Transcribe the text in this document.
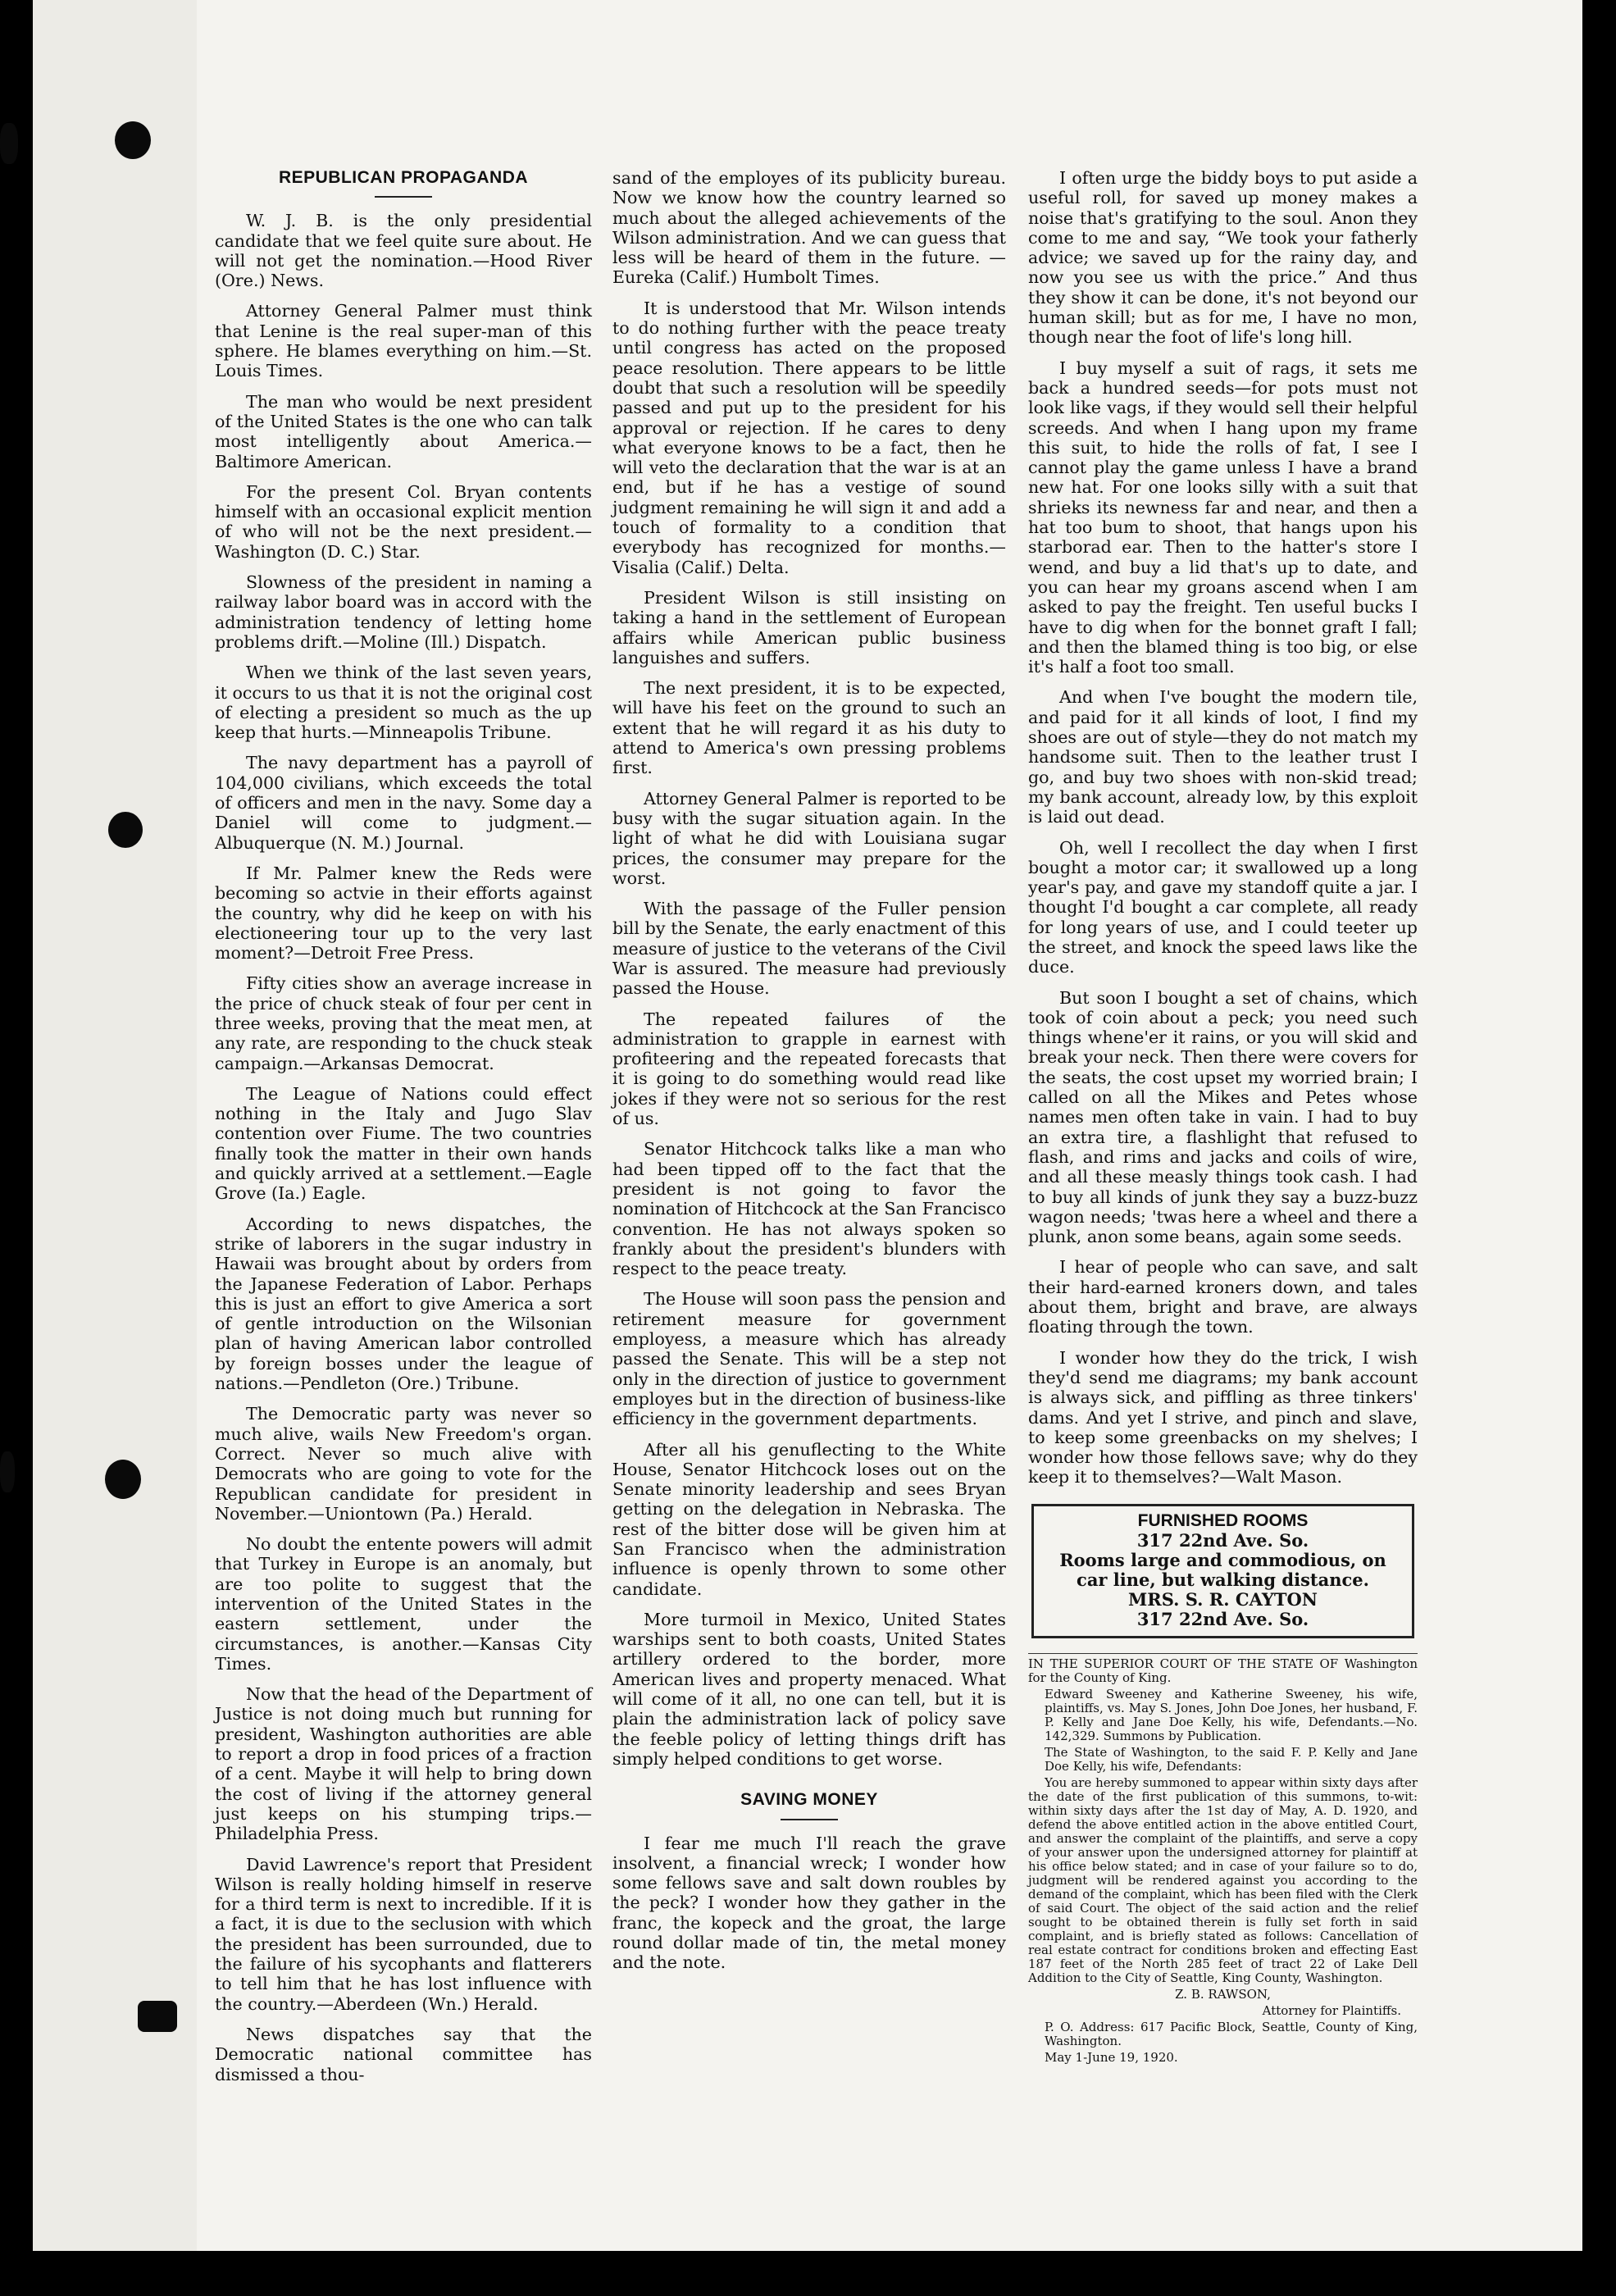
REPUBLICAN PROPAGANDA

W. J. B. is the only presidential candidate that we feel quite sure about. He will not get the nomination.—Hood River (Ore.) News.

Attorney General Palmer must think that Lenine is the real super-man of this sphere. He blames everything on him.—St. Louis Times.

The man who would be next president of the United States is the one who can talk most intelligently about America.—Baltimore American.

For the present Col. Bryan contents himself with an occasional explicit mention of who will not be the next president.—Washington (D. C.) Star.

Slowness of the president in naming a railway labor board was in accord with the administration tendency of letting home problems drift.—Moline (Ill.) Dispatch.

When we think of the last seven years, it occurs to us that it is not the original cost of electing a president so much as the up keep that hurts.—Minneapolis Tribune.

The navy department has a payroll of 104,000 civilians, which exceeds the total of officers and men in the navy. Some day a Daniel will come to judgment.—Albuquerque (N. M.) Journal.

If Mr. Palmer knew the Reds were becoming so actvie in their efforts against the country, why did he keep on with his electioneering tour up to the very last moment?—Detroit Free Press.

Fifty cities show an average increase in the price of chuck steak of four per cent in three weeks, proving that the meat men, at any rate, are responding to the chuck steak campaign.—Arkansas Democrat.

The League of Nations could effect nothing in the Italy and Jugo Slav contention over Fiume. The two countries finally took the matter in their own hands and quickly arrived at a settlement.—Eagle Grove (Ia.) Eagle.

According to news dispatches, the strike of laborers in the sugar industry in Hawaii was brought about by orders from the Japanese Federation of Labor. Perhaps this is just an effort to give America a sort of gentle introduction on the Wilsonian plan of having American labor controlled by foreign bosses under the league of nations.—Pendleton (Ore.) Tribune.

The Democratic party was never so much alive, wails New Freedom's organ. Correct. Never so much alive with Democrats who are going to vote for the Republican candidate for president in November.—Uniontown (Pa.) Herald.

No doubt the entente powers will admit that Turkey in Europe is an anomaly, but are too polite to suggest that the intervention of the United States in the eastern settlement, under the circumstances, is another.—Kansas City Times.

Now that the head of the Department of Justice is not doing much but running for president, Washington authorities are able to report a drop in food prices of a fraction of a cent. Maybe it will help to bring down the cost of living if the attorney general just keeps on his stumping trips.—Philadelphia Press.

David Lawrence's report that President Wilson is really holding himself in reserve for a third term is next to incredible. If it is a fact, it is due to the seclusion with which the president has been surrounded, due to the failure of his sycophants and flatterers to tell him that he has lost influence with the country.—Aberdeen (Wn.) Herald.

News dispatches say that the Democratic national committee has dismissed a thou-

sand of the employes of its publicity bureau. Now we know how the country learned so much about the alleged achievements of the Wilson administration. And we can guess that less will be heard of them in the future. —Eureka (Calif.) Humbolt Times.

It is understood that Mr. Wilson intends to do nothing further with the peace treaty until congress has acted on the proposed peace resolution. There appears to be little doubt that such a resolution will be speedily passed and put up to the president for his approval or rejection. If he cares to deny what everyone knows to be a fact, then he will veto the declaration that the war is at an end, but if he has a vestige of sound judgment remaining he will sign it and add a touch of formality to a condition that everybody has recognized for months.—Visalia (Calif.) Delta.

President Wilson is still insisting on taking a hand in the settlement of European affairs while American public business languishes and suffers.

The next president, it is to be expected, will have his feet on the ground to such an extent that he will regard it as his duty to attend to America's own pressing problems first.

Attorney General Palmer is reported to be busy with the sugar situation again. In the light of what he did with Louisiana sugar prices, the consumer may prepare for the worst.

With the passage of the Fuller pension bill by the Senate, the early enactment of this measure of justice to the veterans of the Civil War is assured. The measure had previously passed the House.

The repeated failures of the administration to grapple in earnest with profiteering and the repeated forecasts that it is going to do something would read like jokes if they were not so serious for the rest of us.

Senator Hitchcock talks like a man who had been tipped off to the fact that the president is not going to favor the nomination of Hitchcock at the San Francisco convention. He has not always spoken so frankly about the president's blunders with respect to the peace treaty.

The House will soon pass the pension and retirement measure for government employess, a measure which has already passed the Senate. This will be a step not only in the direction of justice to government employes but in the direction of business-like efficiency in the government departments.

After all his genuflecting to the White House, Senator Hitchcock loses out on the Senate minority leadership and sees Bryan getting on the delegation in Nebraska. The rest of the bitter dose will be given him at San Francisco when the administration influence is openly thrown to some other candidate.

More turmoil in Mexico, United States warships sent to both coasts, United States artillery ordered to the border, more American lives and property menaced. What will come of it all, no one can tell, but it is plain the administration lack of policy save the feeble policy of letting things drift has simply helped conditions to get worse.

SAVING MONEY

I fear me much I'll reach the grave insolvent, a financial wreck; I wonder how some fellows save and salt down roubles by the peck? I wonder how they gather in the franc, the kopeck and the groat, the large round dollar made of tin, the metal money and the note.

I often urge the biddy boys to put aside a useful roll, for saved up money makes a noise that's gratifying to the soul. Anon they come to me and say, “We took your fatherly advice; we saved up for the rainy day, and now you see us with the price.” And thus they show it can be done, it's not beyond our human skill; but as for me, I have no mon, though near the foot of life's long hill.

I buy myself a suit of rags, it sets me back a hundred seeds—for pots must not look like vags, if they would sell their helpful screeds. And when I hang upon my frame this suit, to hide the rolls of fat, I see I cannot play the game unless I have a brand new hat. For one looks silly with a suit that shrieks its newness far and near, and then a hat too bum to shoot, that hangs upon his starborad ear. Then to the hatter's store I wend, and buy a lid that's up to date, and you can hear my groans ascend when I am asked to pay the freight. Ten useful bucks I have to dig when for the bonnet graft I fall; and then the blamed thing is too big, or else it's half a foot too small.

And when I've bought the modern tile, and paid for it all kinds of loot, I find my shoes are out of style—they do not match my handsome suit. Then to the leather trust I go, and buy two shoes with non-skid tread; my bank account, already low, by this exploit is laid out dead.

Oh, well I recollect the day when I first bought a motor car; it swallowed up a long year's pay, and gave my standoff quite a jar. I thought I'd bought a car complete, all ready for long years of use, and I could teeter up the street, and knock the speed laws like the duce.

But soon I bought a set of chains, which took of coin about a peck; you need such things whene'er it rains, or you will skid and break your neck. Then there were covers for the seats, the cost upset my worried brain; I called on all the Mikes and Petes whose names men often take in vain. I had to buy an extra tire, a flashlight that refused to flash, and rims and jacks and coils of wire, and all these measly things took cash. I had to buy all kinds of junk they say a buzz-buzz wagon needs; 'twas here a wheel and there a plunk, anon some beans, again some seeds.

I hear of people who can save, and salt their hard-earned kroners down, and tales about them, bright and brave, are always floating through the town.

I wonder how they do the trick, I wish they'd send me diagrams; my bank account is always sick, and piffling as three tinkers' dams. And yet I strive, and pinch and slave, to keep some greenbacks on my shelves; I wonder how those fellows save; why do they keep it to themselves?—Walt Mason.

FURNISHED ROOMS
317 22nd Ave. So.
Rooms large and commodious, on car line, but walking distance.
MRS. S. R. CAYTON
317 22nd Ave. So.

IN THE SUPERIOR COURT OF THE STATE OF Washington for the County of King.

Edward Sweeney and Katherine Sweeney, his wife, plaintiffs, vs. May S. Jones, John Doe Jones, her husband, F. P. Kelly and Jane Doe Kelly, his wife, Defendants.—No. 142,329. Summons by Publication.

The State of Washington, to the said F. P. Kelly and Jane Doe Kelly, his wife, Defendants:

You are hereby summoned to appear within sixty days after the date of the first publication of this summons, to-wit: within sixty days after the 1st day of May, A. D. 1920, and defend the above entitled action in the above entitled Court, and answer the complaint of the plaintiffs, and serve a copy of your answer upon the undersigned attorney for plaintiff at his office below stated; and in case of your failure so to do, judgment will be rendered against you according to the demand of the complaint, which has been filed with the Clerk of said Court. The object of the said action and the relief sought to be obtained therein is fully set forth in said complaint, and is briefly stated as follows: Cancellation of real estate contract for conditions broken and effecting East 187 feet of the North 285 feet of tract 22 of Lake Dell Addition to the City of Seattle, King County, Washington.

Z. B. RAWSON,

Attorney for Plaintiffs.

P. O. Address: 617 Pacific Block, Seattle, County of King, Washington.

May 1-June 19, 1920.
